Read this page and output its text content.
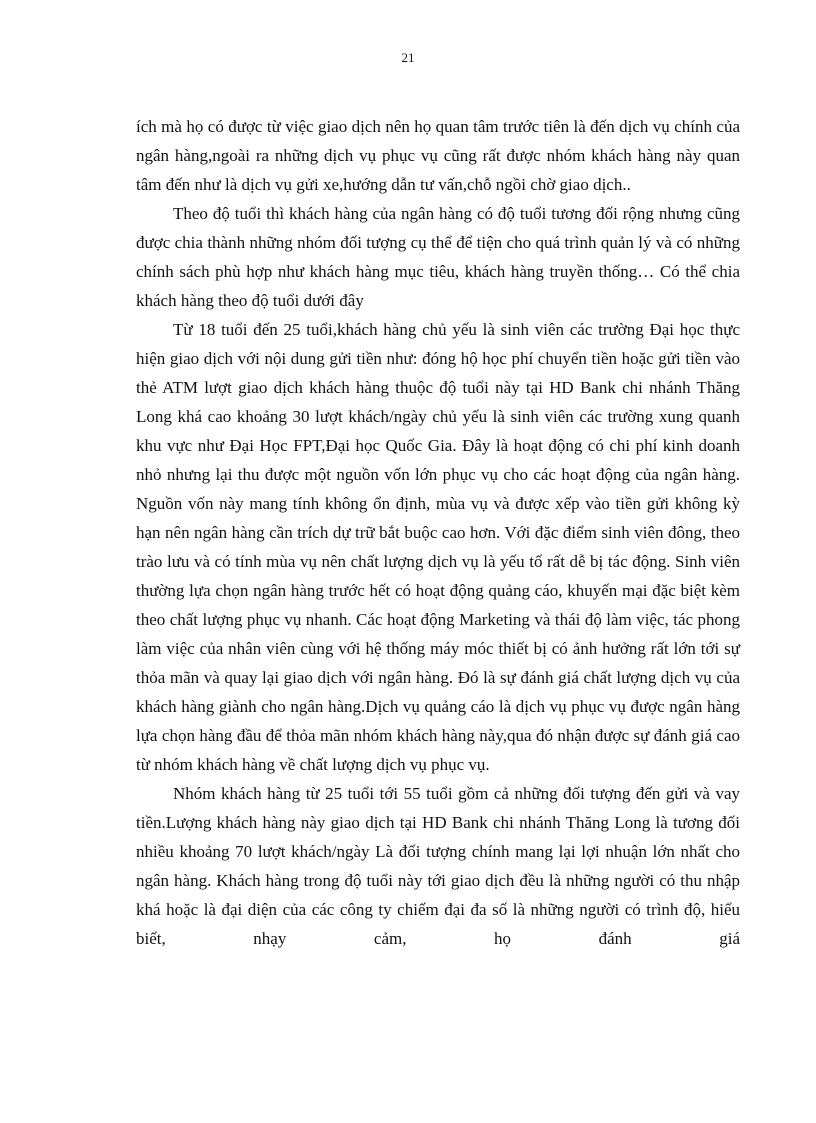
21

ích mà họ có được từ việc giao dịch nên họ quan tâm trước tiên là đến dịch vụ chính của ngân hàng,ngoài ra những dịch vụ phục vụ cũng rất được nhóm khách hàng này quan tâm đến như là dịch vụ gửi xe,hướng dẫn tư vấn,chỗ ngồi chờ giao dịch..

Theo độ tuổi thì khách hàng của ngân hàng có độ tuổi tương đối rộng nhưng cũng được chia thành những nhóm đối tượng cụ thể để tiện cho quá trình quản lý và có những chính sách phù hợp như khách hàng mục tiêu, khách hàng truyền thống… Có thể chia khách hàng theo độ tuổi dưới đây

Từ 18 tuổi đến 25 tuổi,khách hàng chủ yếu là sinh viên các trường Đại học thực hiện giao dịch với nội dung gửi tiền như: đóng hộ học phí chuyển tiền hoặc gửi tiền vào thẻ ATM lượt giao dịch khách hàng thuộc độ tuổi này tại HD Bank chi nhánh Thăng Long khá cao khoảng 30 lượt khách/ngày chủ yếu là sinh viên các trường xung quanh khu vực như Đại Học FPT,Đại học Quốc Gia. Đây là hoạt động có chi phí kinh doanh nhỏ nhưng lại thu được một nguồn vốn lớn phục vụ cho các hoạt động của ngân hàng. Nguồn vốn này mang tính không ổn định, mùa vụ và được xếp vào tiền gửi không kỳ hạn nên ngân hàng cần trích dự trữ bắt buộc cao hơn. Với đặc điểm sinh viên đông, theo trào lưu và có tính mùa vụ nên chất lượng dịch vụ là yếu tố rất dễ bị tác động. Sinh viên thường lựa chọn ngân hàng trước hết có hoạt động quảng cáo, khuyến mại đặc biệt kèm theo chất lượng phục vụ nhanh. Các hoạt động Marketing và thái độ làm việc, tác phong làm việc của nhân viên cùng với hệ thống máy móc thiết bị có ảnh hưởng rất lớn tới sự thỏa mãn và quay lại giao dịch với ngân hàng. Đó là sự đánh giá chất lượng dịch vụ của khách hàng giành cho ngân hàng.Dịch vụ quảng cáo là dịch vụ phục vụ được ngân hàng lựa chọn hàng đầu để thỏa mãn nhóm khách hàng này,qua đó nhận được sự đánh giá cao từ nhóm khách hàng về chất lượng dịch vụ phục vụ.

Nhóm khách hàng từ 25 tuổi tới 55 tuổi gồm cả những đối tượng đến gửi và vay tiền.Lượng khách hàng này giao dịch tại HD Bank chi nhánh Thăng Long là tương đối nhiều khoảng 70 lượt khách/ngày Là đối tượng chính mang lại lợi nhuận lớn nhất cho ngân hàng. Khách hàng trong độ tuổi này tới giao dịch đều là những người có thu nhập khá hoặc là đại diện của các công ty chiếm đại đa số là những người có trình độ, hiểu biết, nhạy cảm, họ đánh giá
